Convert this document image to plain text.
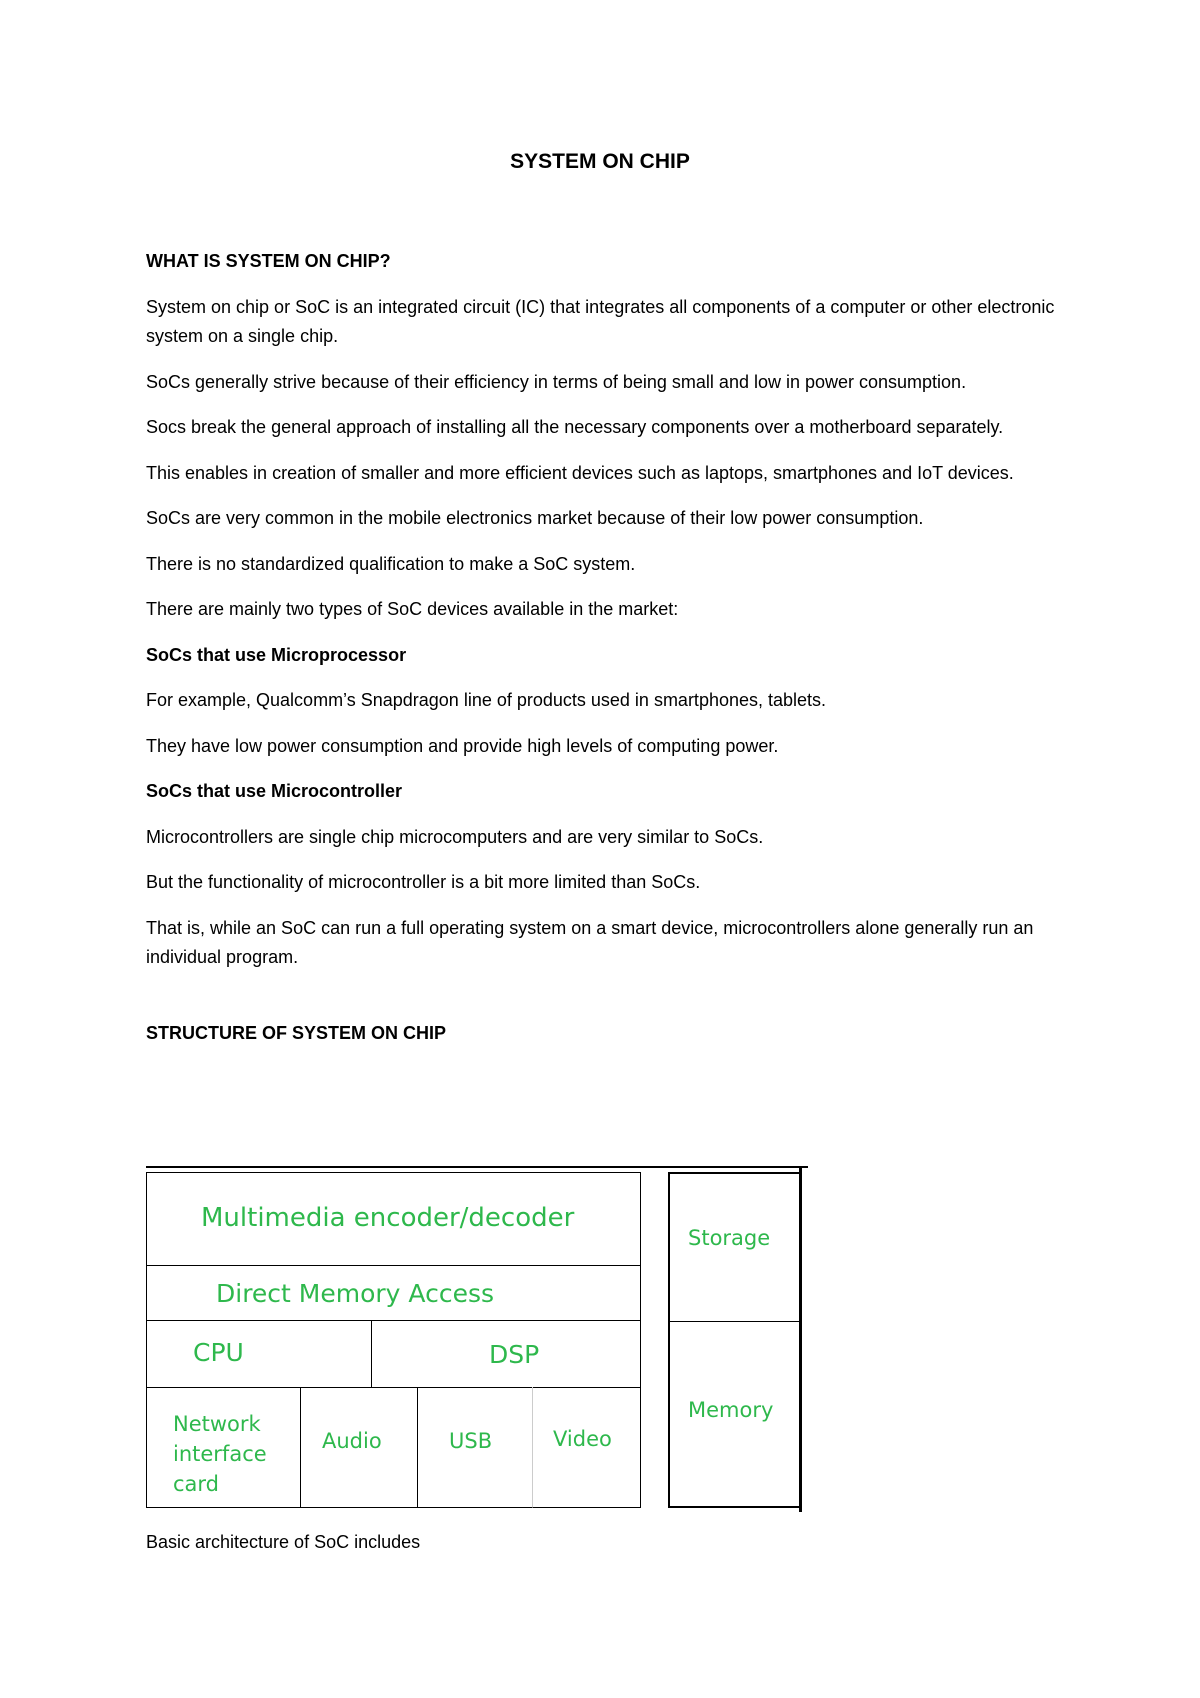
SYSTEM ON CHIP

WHAT IS SYSTEM ON CHIP?

System on chip or SoC is an integrated circuit (IC) that integrates all components of a computer or other electronic system on a single chip.

SoCs generally strive because of their efficiency in terms of being small and low in power consumption.

Socs break the general approach of installing all the necessary components over a motherboard separately.

This enables in creation of smaller and more efficient devices such as laptops, smartphones and IoT devices.

SoCs are very common in the mobile electronics market because of their low power consumption.

There is no standardized qualification to make a SoC system.

There are mainly two types of SoC devices available in the market:

SoCs that use Microprocessor

For example, Qualcomm’s Snapdragon line of products used in smartphones, tablets.

They have low power consumption and provide high levels of computing power.

SoCs that use Microcontroller

Microcontrollers are single chip microcomputers and are very similar to SoCs.

But the functionality of microcontroller is a bit more limited than SoCs.

That is, while an SoC can run a full operating system on a smart device, microcontrollers alone generally run an individual program.

STRUCTURE OF SYSTEM ON CHIP

Multimedia encoder/decoder
Direct Memory Access
CPU	DSP
Network
interface
card
Audio	USB	Video
Storage
Memory
Basic architecture of SoC includes
